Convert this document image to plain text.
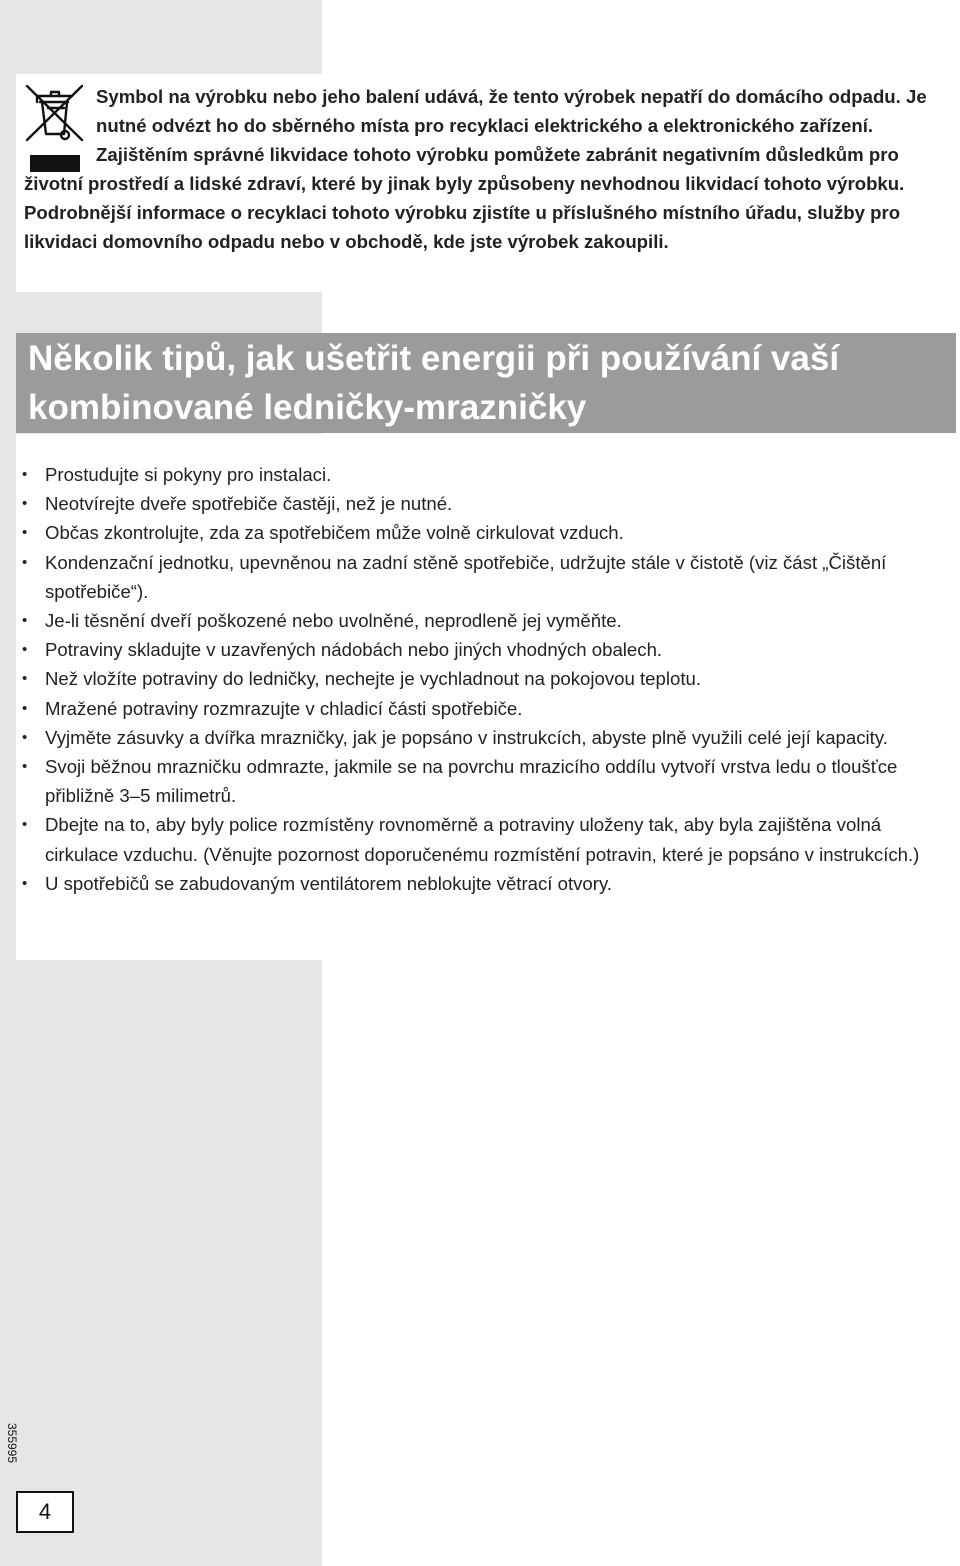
Symbol na výrobku nebo jeho balení udává, že tento výrobek nepatří do domácího odpadu. Je nutné odvézt ho do sběrného místa pro recyklaci elektrického a elektronického zařízení. Zajištěním správné likvidace tohoto výrobku pomůžete zabránit negativním důsledkům pro životní prostředí a lidské zdraví, které by jinak byly způsobeny nevhodnou likvidací tohoto výrobku. Podrobnější informace o recyklaci tohoto výrobku zjistíte u příslušného místního úřadu, služby pro likvidaci domovního odpadu nebo v obchodě, kde jste výrobek zakoupili.

Několik tipů, jak ušetřit energii při používání vaší kombinované ledničky-mrazničky
• Prostudujte si pokyny pro instalaci.
• Neotvírejte dveře spotřebiče častěji, než je nutné.
• Občas zkontrolujte, zda za spotřebičem může volně cirkulovat vzduch.
• Kondenzační jednotku, upevněnou na zadní stěně spotřebiče, udržujte stále v čistotě (viz část „Čištění spotřebiče“).
• Je-li těsnění dveří poškozené nebo uvolněné, neprodleně jej vyměňte.
• Potraviny skladujte v uzavřených nádobách nebo jiných vhodných obalech.
• Než vložíte potraviny do ledničky, nechejte je vychladnout na pokojovou teplotu.
• Mražené potraviny rozmrazujte v chladicí části spotřebiče.
• Vyjměte zásuvky a dvířka mrazničky, jak je popsáno v instrukcích, abyste plně využili celé její kapacity.
• Svoji běžnou mrazničku odmrazte, jakmile se na povrchu mrazicího oddílu vytvoří vrstva ledu o tloušťce přibližně 3–5 milimetrů.
• Dbejte na to, aby byly police rozmístěny rovnoměrně a potraviny uloženy tak, aby byla zajištěna volná cirkulace vzduchu. (Věnujte pozornost doporučenému rozmístění potravin, které je popsáno v instrukcích.)
• U spotřebičů se zabudovaným ventilátorem neblokujte větrací otvory.
355995
4
